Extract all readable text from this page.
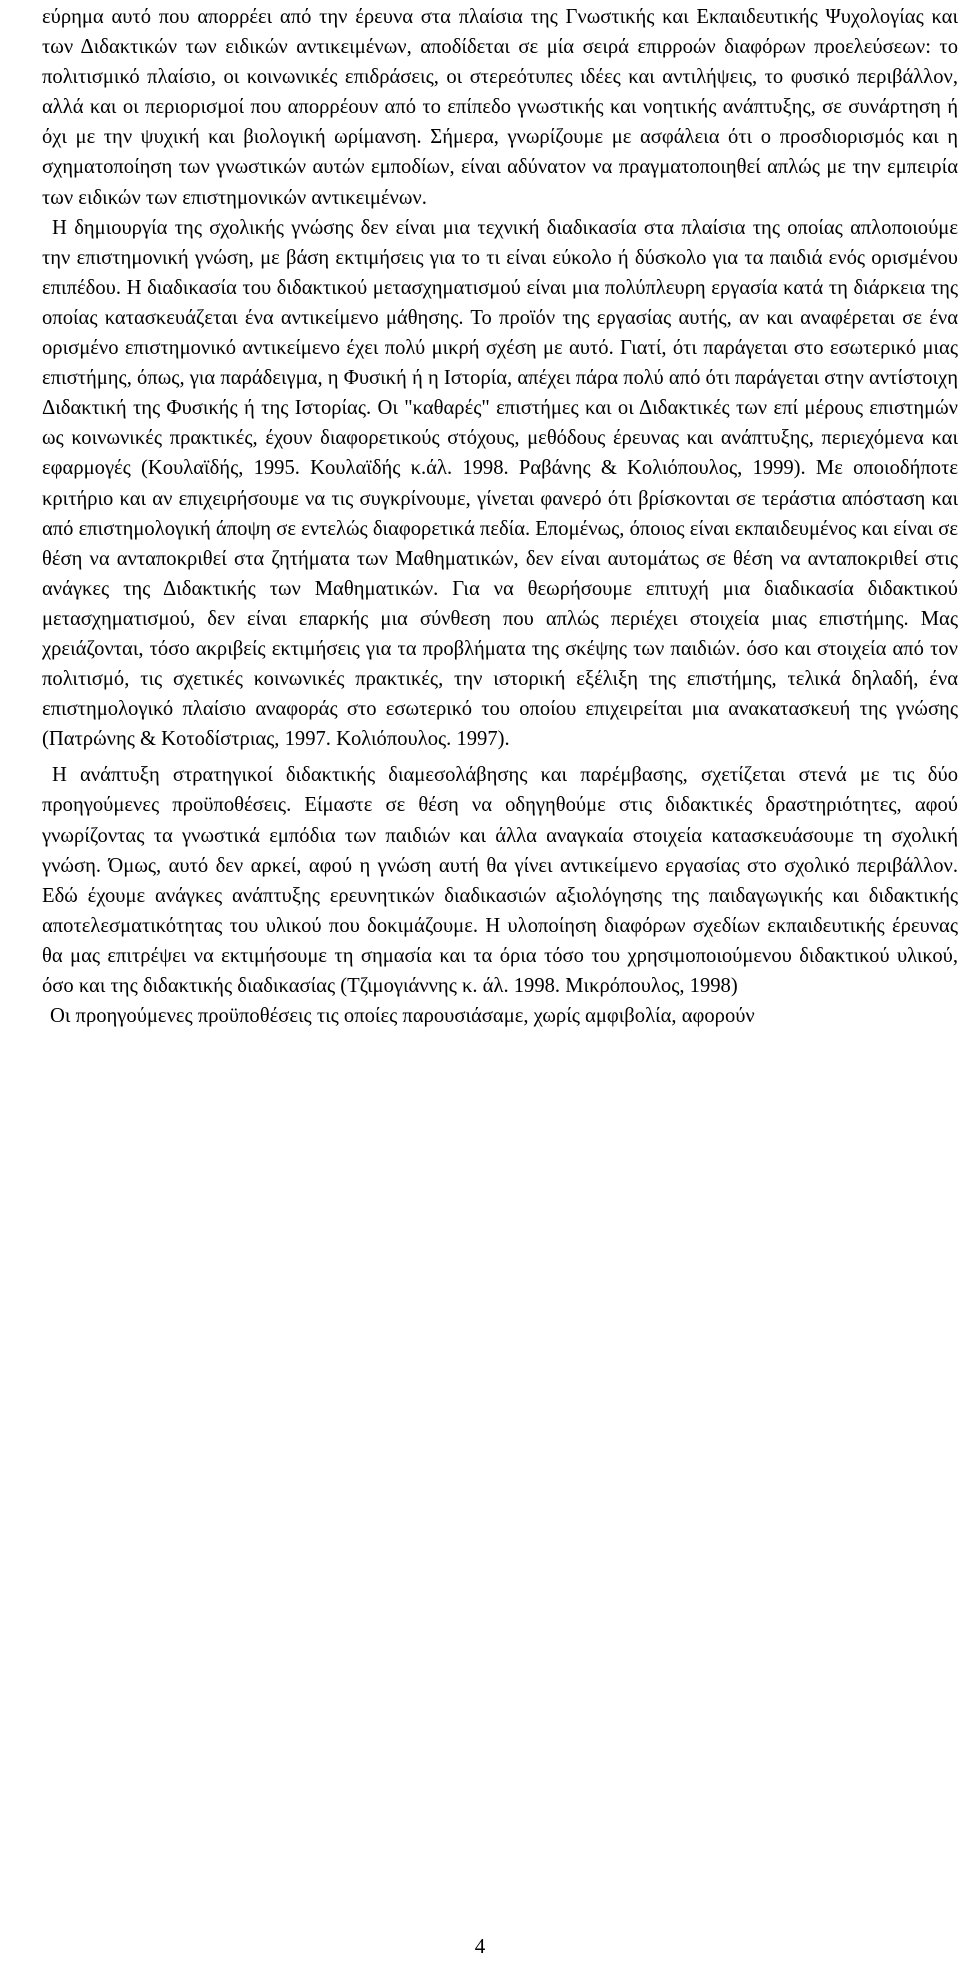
εύρημα αυτό που απορρέει από την έρευνα στα πλαίσια της Γνωστικής και Εκπαιδευτικής Ψυχολογίας και των Διδακτικών των ειδικών αντικειμένων, αποδίδεται σε μία σειρά επιρροών διαφόρων προελεύσεων: το πολιτισμικό πλαίσιο, οι κοινωνικές επιδράσεις, οι στερεότυπες ιδέες και αντιλήψεις, το φυσικό περιβάλλον, αλλά και οι περιορισμοί που απορρέουν από το επίπεδο γνωστικής και νοητικής ανάπτυξης, σε συνάρτηση ή όχι με την ψυχική και βιολογική ωρίμανση. Σήμερα, γνωρίζουμε με ασφάλεια ότι ο προσδιορισμός και η σχηματοποίηση των γνωστικών αυτών εμποδίων, είναι αδύνατον να πραγματοποιηθεί απλώς με την εμπειρία των ειδικών των επιστημονικών αντικειμένων.

Η δημιουργία της σχολικής γνώσης δεν είναι μια τεχνική διαδικασία στα πλαίσια της οποίας απλοποιούμε την επιστημονική γνώση, με βάση εκτιμήσεις για το τι είναι εύκολο ή δύσκολο για τα παιδιά ενός ορισμένου επιπέδου. Η διαδικασία του διδακτικού μετασχηματισμού είναι μια πολύπλευρη εργασία κατά τη διάρκεια της οποίας κατασκευάζεται ένα αντικείμενο μάθησης. Το προϊόν της εργασίας αυτής, αν και αναφέρεται σε ένα ορισμένο επιστημονικό αντικείμενο έχει πολύ μικρή σχέση με αυτό. Γιατί, ότι παράγεται στο εσωτερικό μιας επιστήμης, όπως, για παράδειγμα, η Φυσική ή η Ιστορία, απέχει πάρα πολύ από ότι παράγεται στην αντίστοιχη Διδακτική της Φυσικής ή της Ιστορίας. Οι "καθαρές" επιστήμες και οι Διδακτικές των επί μέρους επιστημών ως κοινωνικές πρακτικές, έχουν διαφορετικούς στόχους, μεθόδους έρευνας και ανάπτυξης, περιεχόμενα και εφαρμογές (Κουλαϊδής, 1995. Κουλαϊδής κ.άλ. 1998. Ραβάνης & Κολιόπουλος, 1999). Με οποιοδήποτε κριτήριο και αν επιχειρήσουμε να τις συγκρίνουμε, γίνεται φανερό ότι βρίσκονται σε τεράστια απόσταση και από επιστημολογική άποψη σε εντελώς διαφορετικά πεδία. Επομένως, όποιος είναι εκπαιδευμένος και είναι σε θέση να ανταποκριθεί στα ζητήματα των Μαθηματικών, δεν είναι αυτομάτως σε θέση να ανταποκριθεί στις ανάγκες της Διδακτικής των Μαθηματικών. Για να θεωρήσουμε επιτυχή μια διαδικασία διδακτικού μετασχηματισμού, δεν είναι επαρκής μια σύνθεση που απλώς περιέχει στοιχεία μιας επιστήμης. Μας χρειάζονται, τόσο ακριβείς εκτιμήσεις για τα προβλήματα της σκέψης των παιδιών. όσο και στοιχεία από τον πολιτισμό, τις σχετικές κοινωνικές πρακτικές, την ιστορική εξέλιξη της επιστήμης, τελικά δηλαδή, ένα επιστημολογικό πλαίσιο αναφοράς στο εσωτερικό του οποίου επιχειρείται μια ανακατασκευή της γνώσης (Πατρώνης & Κοτοδίστριας, 1997. Κολιόπουλος. 1997).

Η ανάπτυξη στρατηγικοί διδακτικής διαμεσολάβησης και παρέμβασης, σχετίζεται στενά με τις δύο προηγούμενες προϋποθέσεις. Είμαστε σε θέση να οδηγηθούμε στις διδακτικές δραστηριότητες, αφού γνωρίζοντας τα γνωστικά εμπόδια των παιδιών και άλλα αναγκαία στοιχεία κατασκευάσουμε τη σχολική γνώση. Όμως, αυτό δεν αρκεί, αφού η γνώση αυτή θα γίνει αντικείμενο εργασίας στο σχολικό περιβάλλον. Εδώ έχουμε ανάγκες ανάπτυξης ερευνητικών διαδικασιών αξιολόγησης της παιδαγωγικής και διδακτικής αποτελεσματικότητας του υλικού που δοκιμάζουμε. Η υλοποίηση διαφόρων σχεδίων εκπαιδευτικής έρευνας θα μας επιτρέψει να εκτιμήσουμε τη σημασία και τα όρια τόσο του χρησιμοποιούμενου διδακτικού υλικού, όσο και της διδακτικής διαδικασίας (Τζιμογιάννης κ. άλ. 1998. Μικρόπουλος, 1998)

Οι προηγούμενες προϋποθέσεις τις οποίες παρουσιάσαμε, χωρίς αμφιβολία, αφορούν

4
